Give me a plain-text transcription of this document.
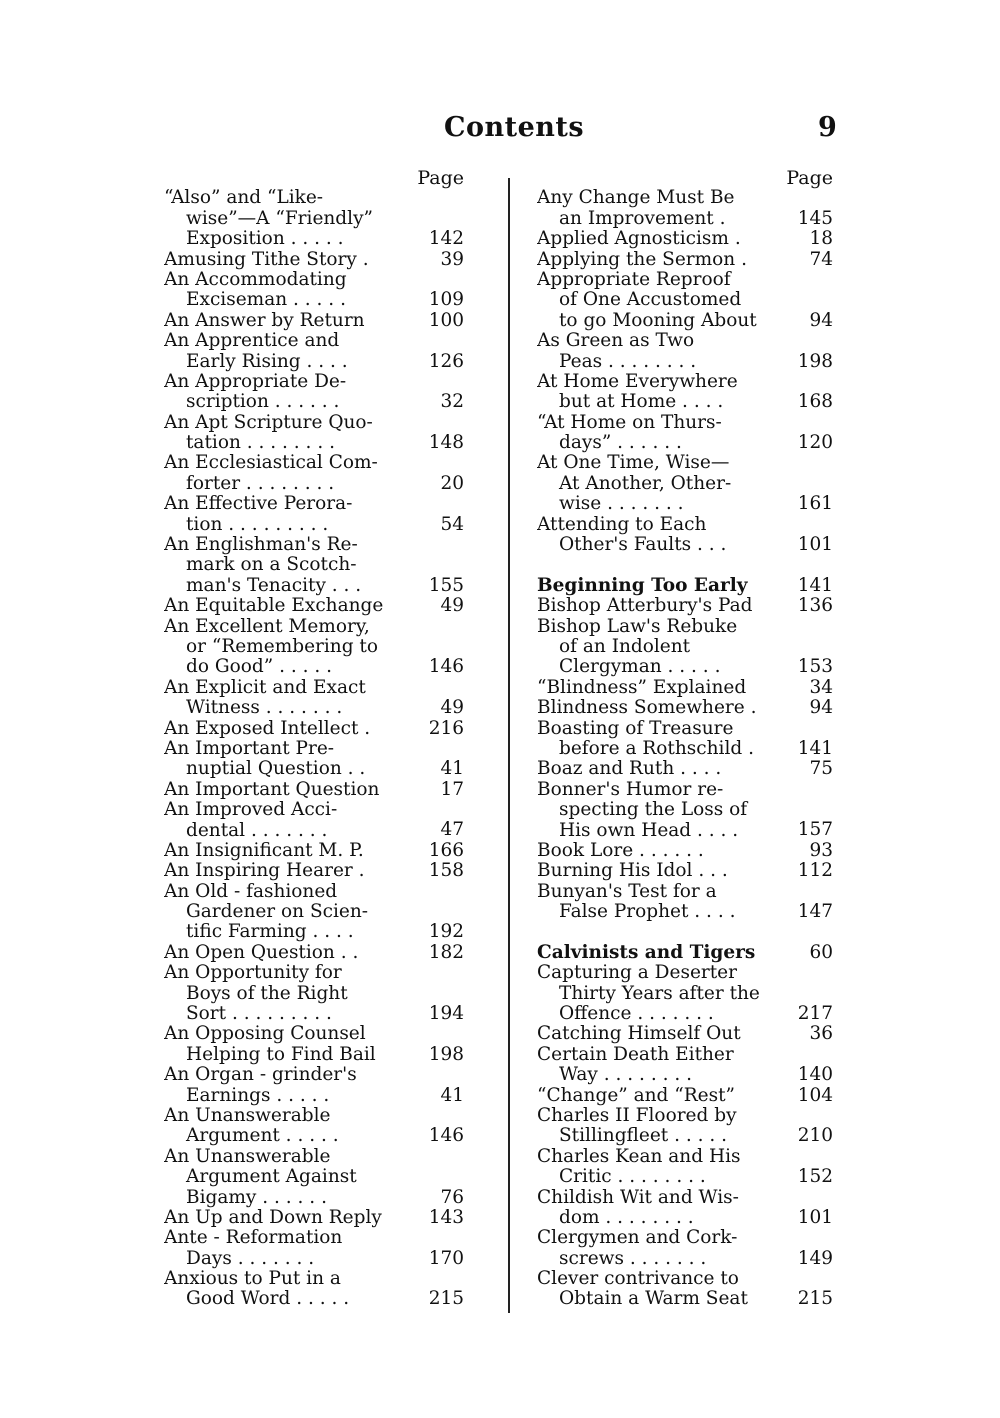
Contents	9
Page
“Also” and “Like-
wise”—A “Friendly”
Exposition . . . . .	142
Amusing Tithe Story .	39
An Accommodating
Exciseman . . . . .	109
An Answer by Return	100
An Apprentice and
Early Rising . . . .	126
An Appropriate De-
scription . . . . . .	32
An Apt Scripture Quo-
tation . . . . . . . .	148
An Ecclesiastical Com-
forter . . . . . . . .	20
An Effective Perora-
tion . . . . . . . . .	54
An Englishman's Re-
mark on a Scotch-
man's Tenacity . . .	155
An Equitable Exchange	49
An Excellent Memory,
or “Remembering to
do Good” . . . . .	146
An Explicit and Exact
Witness . . . . . . .	49
An Exposed Intellect .	216
An Important Pre-
nuptial Question . .	41
An Important Question	17
An Improved Acci-
dental . . . . . . .	47
An Insignificant M. P.	166
An Inspiring Hearer .	158
An Old - fashioned
Gardener on Scien-
tific Farming . . . .	192
An Open Question . .	182
An Opportunity for
Boys of the Right
Sort . . . . . . . . .	194
An Opposing Counsel
Helping to Find Bail	198
An Organ - grinder's
Earnings . . . . .	41
An Unanswerable
Argument . . . . .	146
An Unanswerable
Argument Against
Bigamy . . . . . .	76
An Up and Down Reply	143
Ante - Reformation
Days . . . . . . .	170
Anxious to Put in a
Good Word . . . . .	215
Page
Any Change Must Be
an Improvement .	145
Applied Agnosticism .	18
Applying the Sermon .	74
Appropriate Reproof
of One Accustomed
to go Mooning About	94
As Green as Two
Peas . . . . . . . .	198
At Home Everywhere
but at Home . . . .	168
“At Home on Thurs-
days” . . . . . .	120
At One Time, Wise—
At Another, Other-
wise . . . . . . .	161
Attending to Each
Other's Faults . . .	101
Beginning Too Early	141
Bishop Atterbury's Pad	136
Bishop Law's Rebuke
of an Indolent
Clergyman . . . . .	153
“Blindness” Explained	34
Blindness Somewhere .	94
Boasting of Treasure
before a Rothschild .	141
Boaz and Ruth . . . .	75
Bonner's Humor re-
specting the Loss of
His own Head . . . .	157
Book Lore . . . . . .	93
Burning His Idol . . .	112
Bunyan's Test for a
False Prophet . . . .	147
Calvinists and Tigers	60
Capturing a Deserter
Thirty Years after the
Offence . . . . . . .	217
Catching Himself Out	36
Certain Death Either
Way . . . . . . . .	140
“Change” and “Rest”	104
Charles II Floored by
Stillingfleet . . . . .	210
Charles Kean and His
Critic . . . . . . . .	152
Childish Wit and Wis-
dom . . . . . . . .	101
Clergymen and Cork-
screws . . . . . . .	149
Clever contrivance to
Obtain a Warm Seat	215
